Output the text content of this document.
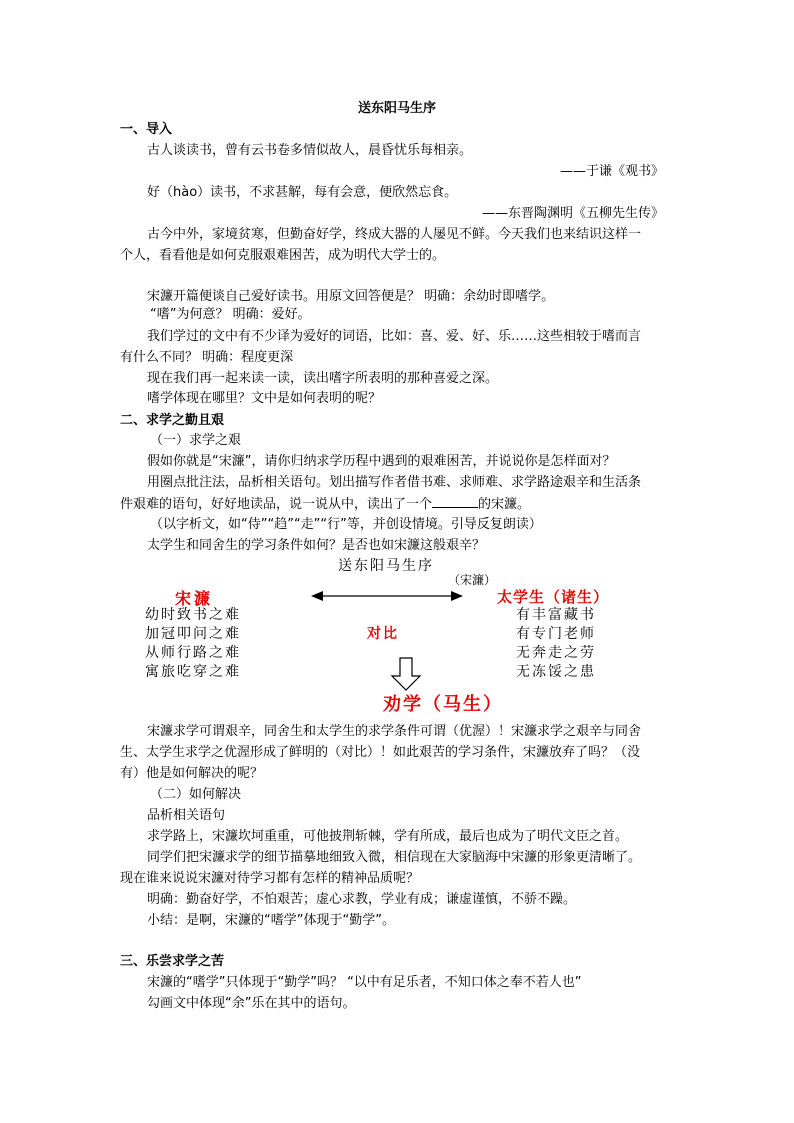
送东阳马生序
一、导入
古人谈读书，曾有云书卷多情似故人，晨昏忧乐每相亲。
——于谦《观书》
好（hào）读书，不求甚解，每有会意，便欣然忘食。
——东晋陶渊明《五柳先生传》
古今中外，家境贫寒，但勤奋好学，终成大器的人屡见不鲜。今天我们也来结识这样一
个人，看看他是如何克服艰难困苦，成为明代大学士的。
宋濂开篇便谈自己爱好读书。用原文回答便是？ 明确：余幼时即嗜学。
“嗜”为何意？ 明确：爱好。
我们学过的文中有不少译为爱好的词语，比如：喜、爱、好、乐……这些相较于嗜而言
有什么不同？ 明确：程度更深
现在我们再一起来读一读，读出嗜字所表明的那种喜爱之深。
嗜学体现在哪里？文中是如何表明的呢？
二、求学之勤且艰
（一）求学之艰
假如你就是“宋濂”，请你归纳求学历程中遇到的艰难困苦，并说说你是怎样面对？
用圈点批注法，品析相关语句。划出描写作者借书难、求师难、求学路途艰辛和生活条
件艰难的语句，好好地读品，说一说从中，读出了一个	的宋濂。
（以字析文，如“侍”“趋”“走”“行”等，并创设情境。引导反复朗读）
太学生和同舍生的学习条件如何？是否也如宋濂这般艰辛？
送东阳马生序
（宋濂）
宋濂	太学生（诸生）
幼时致书之难
加冠叩问之难
从师行路之难
寓旅吃穿之难
对比
有丰富藏书
有专门老师
无奔走之劳
无冻馁之患
劝学（马生）
宋濂求学可谓艰辛，同舍生和太学生的求学条件可谓（优渥）！宋濂求学之艰辛与同舍
生、太学生求学之优渥形成了鲜明的（对比）！如此艰苦的学习条件，宋濂放弃了吗？（没
有）他是如何解决的呢？
（二）如何解决
品析相关语句
求学路上，宋濂坎坷重重，可他披荆斩棘，学有所成，最后也成为了明代文臣之首。
同学们把宋濂求学的细节描摹地细致入微，相信现在大家脑海中宋濂的形象更清晰了。
现在谁来说说宋濂对待学习都有怎样的精神品质呢？
明确：勤奋好学，不怕艰苦；虚心求教，学业有成；谦虚谨慎，不骄不躁。
小结：是啊，宋濂的“嗜学”体现于“勤学”。
三、乐尝求学之苦
宋濂的“嗜学”只体现于“勤学”吗？ “以中有足乐者，不知口体之奉不若人也”
勾画文中体现“余”乐在其中的语句。
